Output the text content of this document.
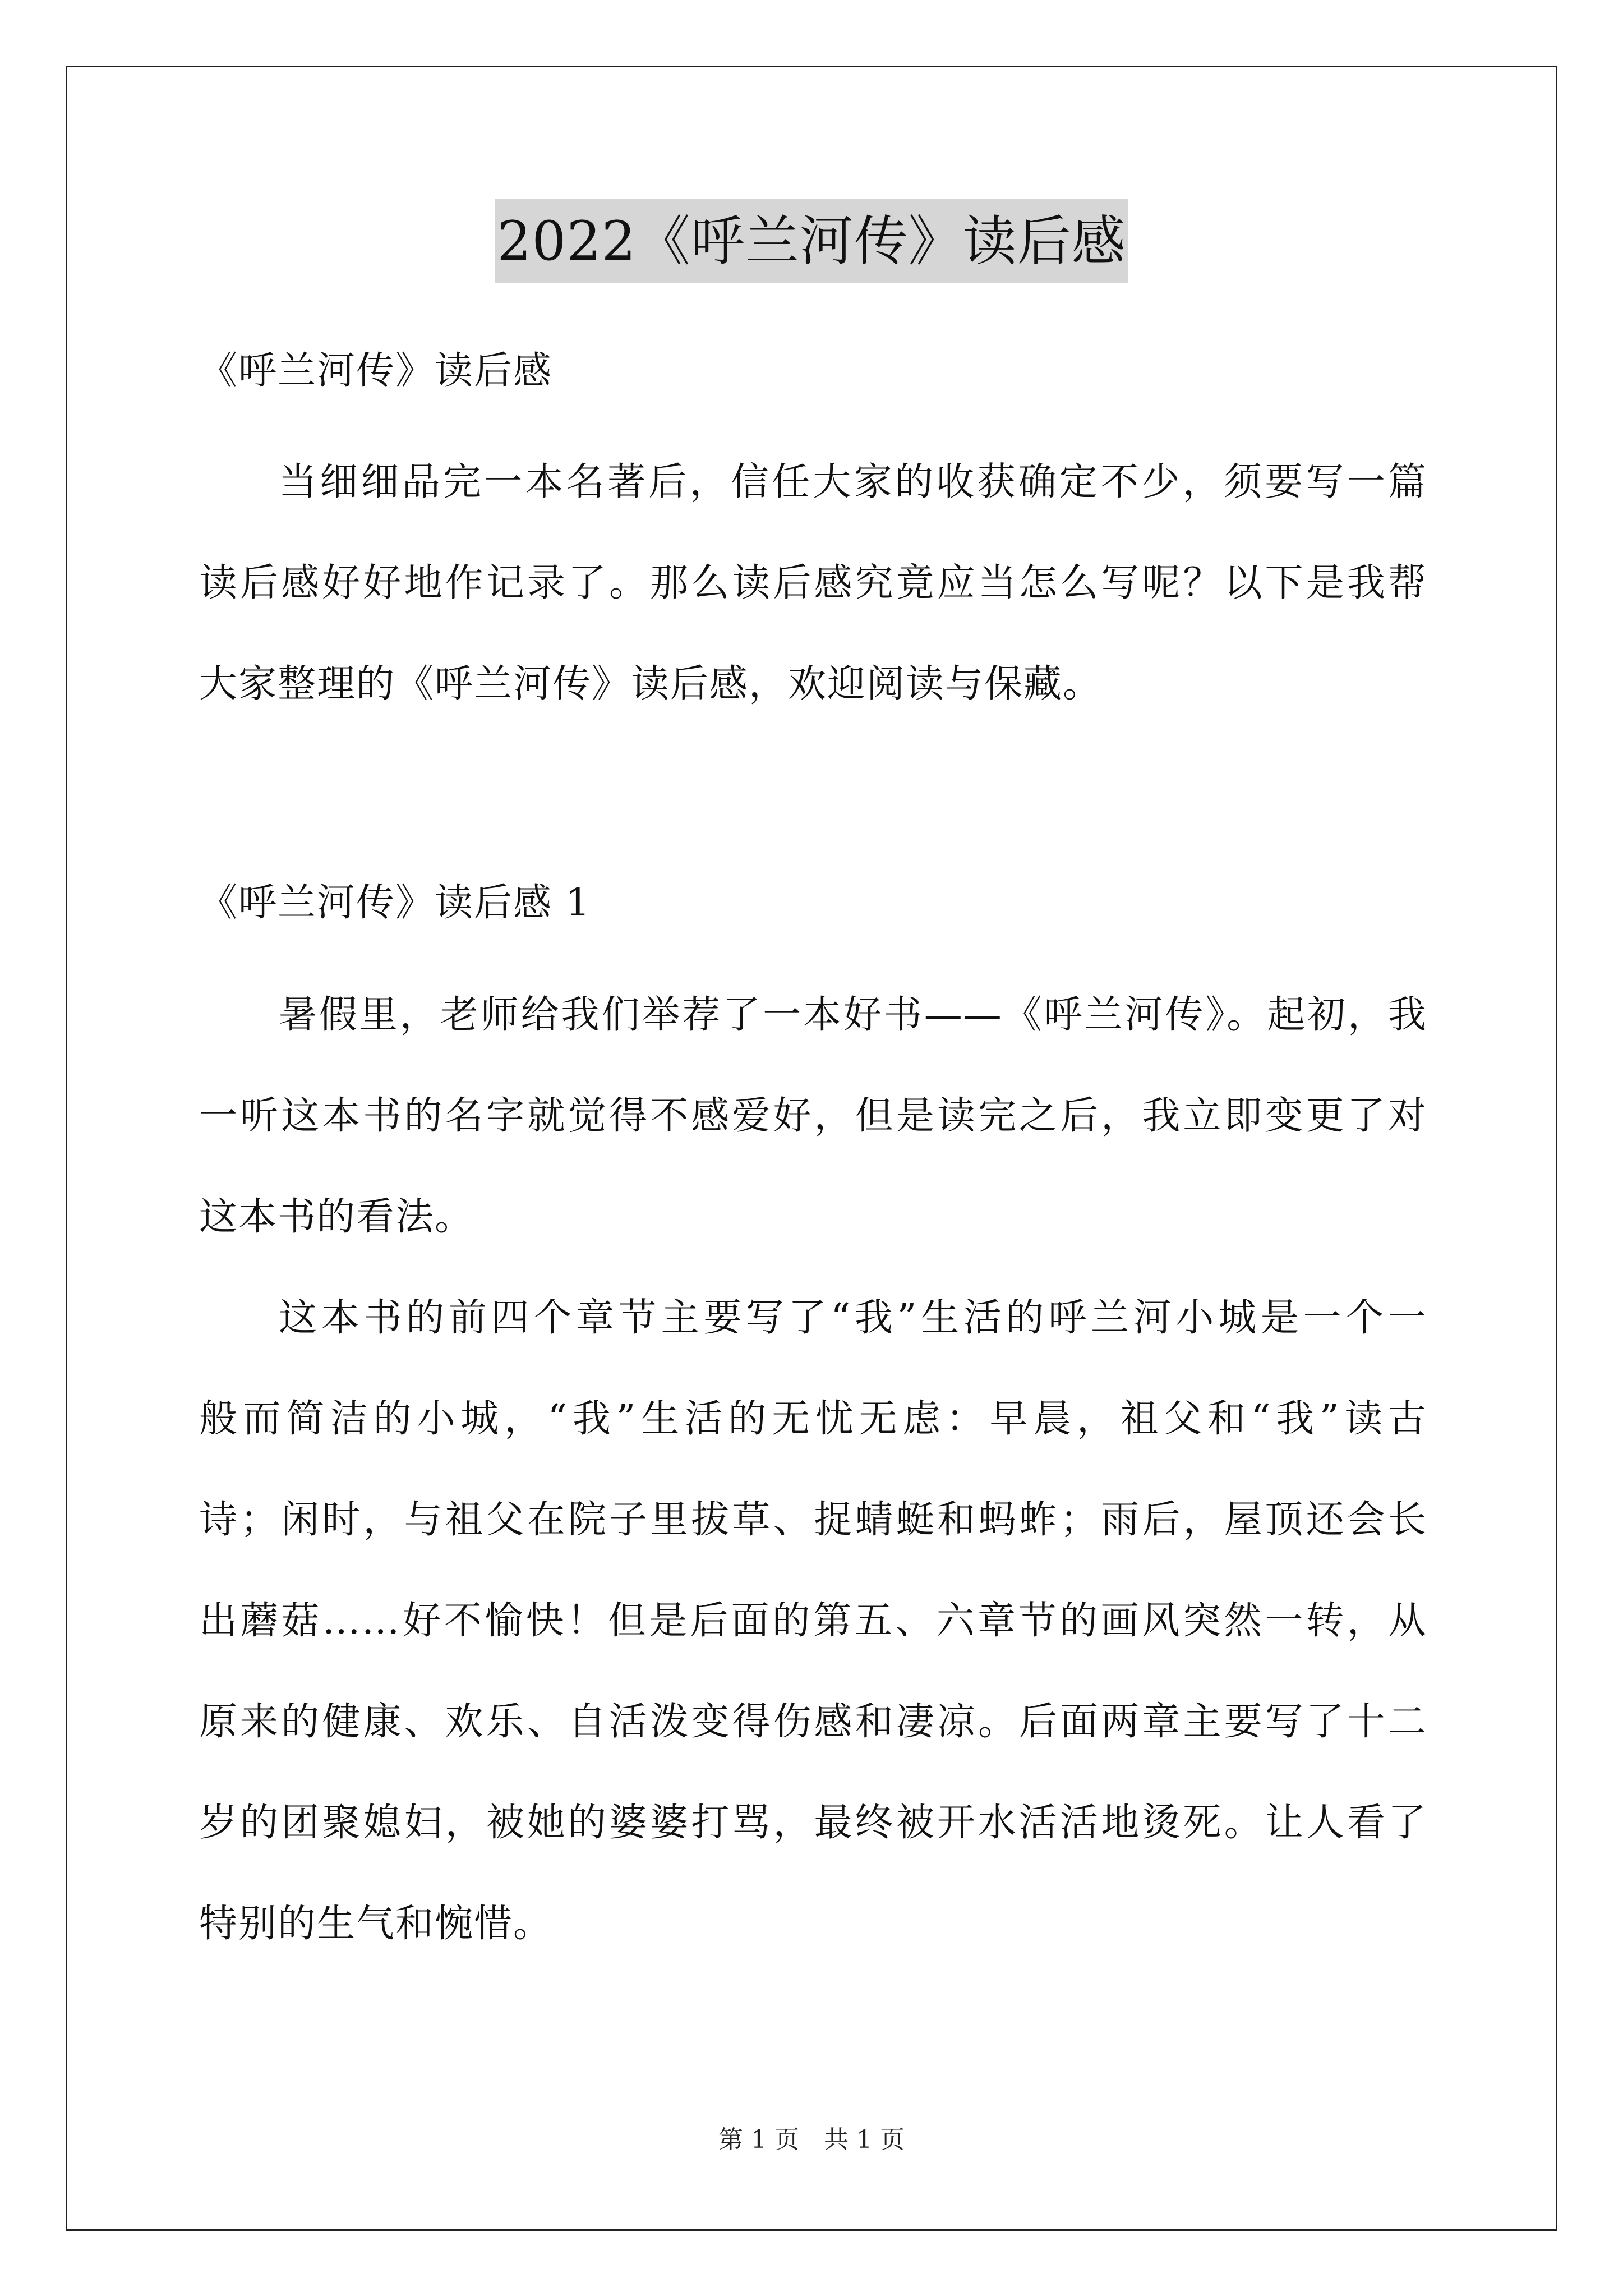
2022《呼兰河传》读后感
《呼兰河传》读后感
当细细品完一本名著后，信任大家的收获确定不少，须要写一篇
读后感好好地作记录了。那么读后感究竟应当怎么写呢？以下是我帮
大家整理的《呼兰河传》读后感，欢迎阅读与保藏。
《呼兰河传》读后感 1
暑假里，老师给我们举荐了一本好书——《呼兰河传》。起初，我
一听这本书的名字就觉得不感爱好，但是读完之后，我立即变更了对
这本书的看法。
这本书的前四个章节主要写了“我”生活的呼兰河小城是一个一
般而简洁的小城，“我”生活的无忧无虑：早晨，祖父和“我”读古
诗；闲时，与祖父在院子里拔草、捉蜻蜓和蚂蚱；雨后，屋顶还会长
出蘑菇……好不愉快！但是后面的第五、六章节的画风突然一转，从
原来的健康、欢乐、自活泼变得伤感和凄凉。后面两章主要写了十二
岁的团聚媳妇，被她的婆婆打骂，最终被开水活活地烫死。让人看了
特别的生气和惋惜。
第 1 页　共 1 页
